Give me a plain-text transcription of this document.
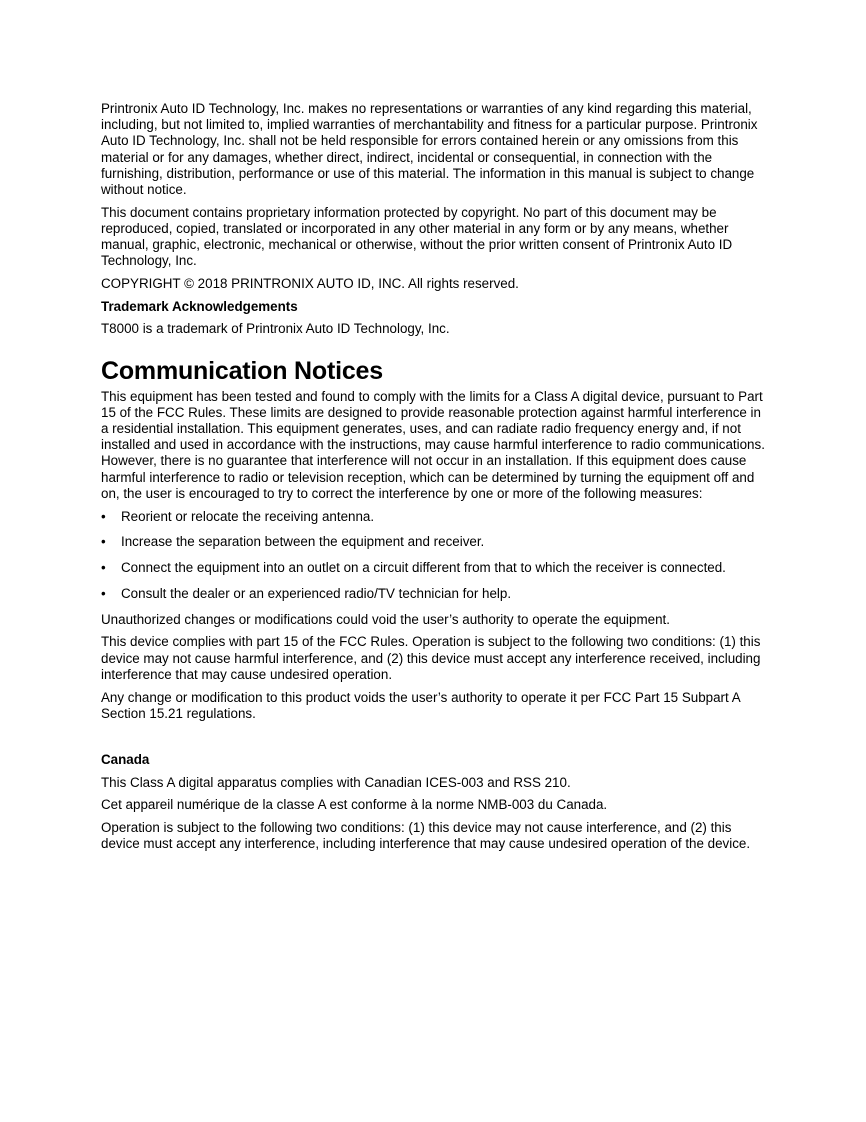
Printronix Auto ID Technology, Inc. makes no representations or warranties of any kind regarding this material, including, but not limited to, implied warranties of merchantability and fitness for a particular purpose. Printronix Auto ID Technology, Inc. shall not be held responsible for errors contained herein or any omissions from this material or for any damages, whether direct, indirect, incidental or consequential, in connection with the furnishing, distribution, performance or use of this material. The information in this manual is subject to change without notice.

This document contains proprietary information protected by copyright. No part of this document may be reproduced, copied, translated or incorporated in any other material in any form or by any means, whether manual, graphic, electronic, mechanical or otherwise, without the prior written consent of Printronix Auto ID Technology, Inc.

COPYRIGHT © 2018 PRINTRONIX AUTO ID, INC. All rights reserved.

Trademark Acknowledgements

T8000 is a trademark of Printronix Auto ID Technology, Inc.

Communication Notices

This equipment has been tested and found to comply with the limits for a Class A digital device, pursuant to Part 15 of the FCC Rules. These limits are designed to provide reasonable protection against harmful interference in a residential installation. This equipment generates, uses, and can radiate radio frequency energy and, if not installed and used in accordance with the instructions, may cause harmful interference to radio communications. However, there is no guarantee that interference will not occur in an installation. If this equipment does cause harmful interference to radio or television reception, which can be determined by turning the equipment off and on, the user is encouraged to try to correct the interference by one or more of the following measures:

• Reorient or relocate the receiving antenna.
• Increase the separation between the equipment and receiver.
• Connect the equipment into an outlet on a circuit different from that to which the receiver is connected.
• Consult the dealer or an experienced radio/TV technician for help.

Unauthorized changes or modifications could void the user’s authority to operate the equipment.

This device complies with part 15 of the FCC Rules. Operation is subject to the following two conditions: (1) this device may not cause harmful interference, and (2) this device must accept any interference received, including interference that may cause undesired operation.

Any change or modification to this product voids the user’s authority to operate it per FCC Part 15 Subpart A Section 15.21 regulations.

Canada

This Class A digital apparatus complies with Canadian ICES-003 and RSS 210.

Cet appareil numérique de la classe A est conforme à la norme NMB-003 du Canada.

Operation is subject to the following two conditions: (1) this device may not cause interference, and (2) this device must accept any interference, including interference that may cause undesired operation of the device.
